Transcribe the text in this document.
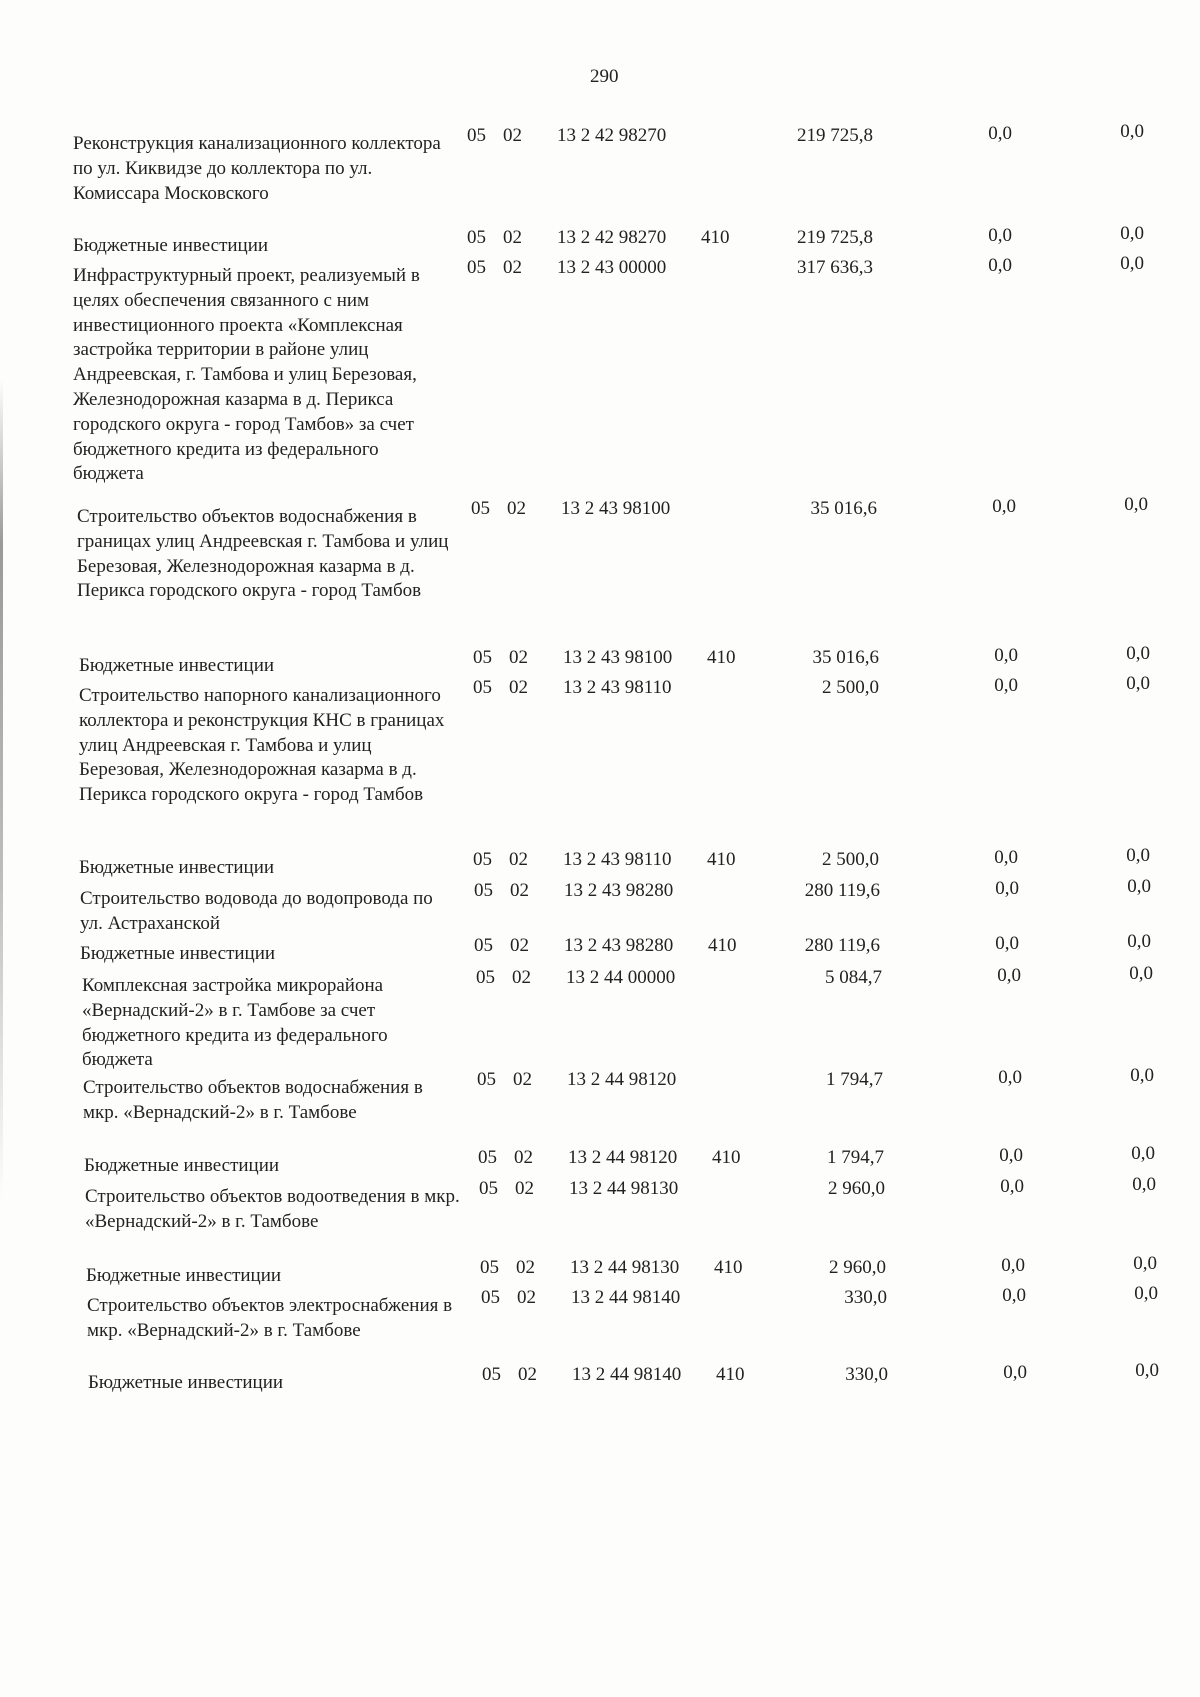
290
Реконструкция канализационного коллектора по ул. Киквидзе до коллектора по ул. Комиссара Московского
05 02 13 2 42 98270	219 725,8	0,0	0,0
Бюджетные инвестиции	05 02 13 2 42 98270 410	219 725,8	0,0	0,0
Инфраструктурный проект, реализуемый в целях обеспечения связанного с ним инвестиционного проекта «Комплексная застройка территории в районе улиц Андреевская, г. Тамбова и улиц Березовая, Железнодорожная казарма в д. Перикса городского округа - город Тамбов» за счет бюджетного кредита из федерального бюджета
05 02 13 2 43 00000	317 636,3	0,0	0,0
Строительство объектов водоснабжения в границах улиц Андреевская г. Тамбова и улиц Березовая, Железнодорожная казарма в д. Перикса городского округа - город Тамбов
05 02 13 2 43 98100	35 016,6	0,0	0,0
Бюджетные инвестиции	05 02 13 2 43 98100 410	35 016,6	0,0	0,0
Строительство напорного канализационного коллектора и реконструкция КНС в границах улиц Андреевская г. Тамбова и улиц Березовая, Железнодорожная казарма в д. Перикса городского округа - город Тамбов
05 02 13 2 43 98110	2 500,0	0,0	0,0
Бюджетные инвестиции	05 02 13 2 43 98110 410	2 500,0	0,0	0,0
Строительство водовода до водопровода по ул. Астраханской
05 02 13 2 43 98280	280 119,6	0,0	0,0
Бюджетные инвестиции	05 02 13 2 43 98280 410	280 119,6	0,0	0,0
Комплексная застройка микрорайона «Вернадский-2» в г. Тамбове за счет бюджетного кредита из федерального бюджета
05 02 13 2 44 00000	5 084,7	0,0	0,0
Строительство объектов водоснабжения в мкр. «Вернадский-2» в г. Тамбове
05 02 13 2 44 98120	1 794,7	0,0	0,0
Бюджетные инвестиции	05 02 13 2 44 98120 410	1 794,7	0,0	0,0
Строительство объектов водоотведения в мкр. «Вернадский-2» в г. Тамбове
05 02 13 2 44 98130	2 960,0	0,0	0,0
Бюджетные инвестиции	05 02 13 2 44 98130 410	2 960,0	0,0	0,0
Строительство объектов электроснабжения в мкр. «Вернадский-2» в г. Тамбове
05 02 13 2 44 98140	330,0	0,0	0,0
Бюджетные инвестиции	05 02 13 2 44 98140 410	330,0	0,0	0,0
